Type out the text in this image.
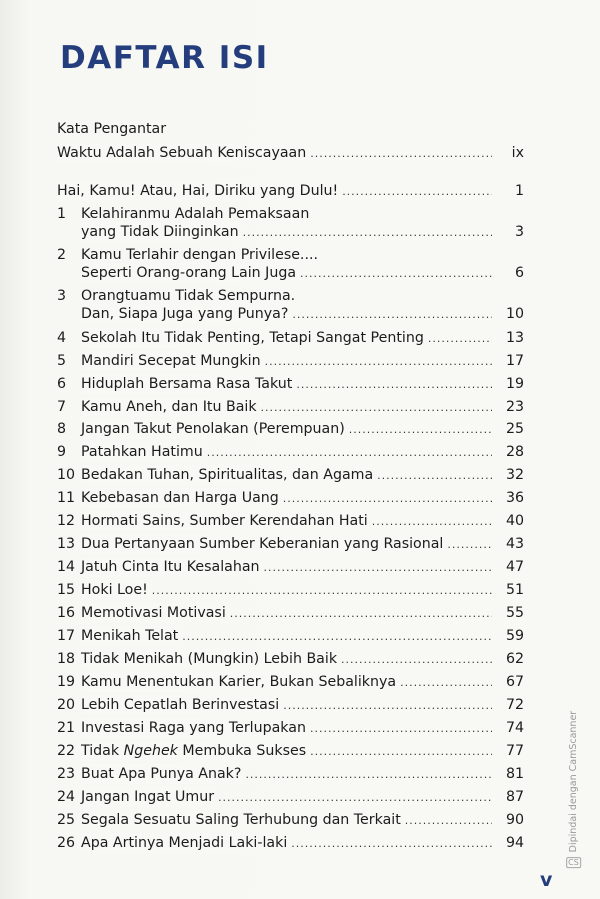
DAFTAR ISI
Kata Pengantar
Waktu Adalah Sebuah Keniscayaan .....	ix
Hai, Kamu! Atau, Hai, Diriku yang Dulu! .....	1
1	Kelahiranmu Adalah Pemaksaan
yang Tidak Diinginkan .....	3
2	Kamu Terlahir dengan Privilese....
Seperti Orang-orang Lain Juga .....	6
3	Orangtuamu Tidak Sempurna.
Dan, Siapa Juga yang Punya? .....	10
4	Sekolah Itu Tidak Penting, Tetapi Sangat Penting .....	13
5	Mandiri Secepat Mungkin .....	17
6	Hiduplah Bersama Rasa Takut .....	19
7	Kamu Aneh, dan Itu Baik .....	23
8	Jangan Takut Penolakan (Perempuan) .....	25
9	Patahkan Hatimu .....	28
10 Bedakan Tuhan, Spiritualitas, dan Agama .....	32
11 Kebebasan dan Harga Uang .....	36
12 Hormati Sains, Sumber Kerendahan Hati .....	40
13 Dua Pertanyaan Sumber Keberanian yang Rasional .....	43
14 Jatuh Cinta Itu Kesalahan .....	47
15 Hoki Loe! .....	51
16 Memotivasi Motivasi .....	55
17 Menikah Telat .....	59
18 Tidak Menikah (Mungkin) Lebih Baik .....	62
19 Kamu Menentukan Karier, Bukan Sebaliknya .....	67
20 Lebih Cepatlah Berinvestasi .....	72
21 Investasi Raga yang Terlupakan .....	74
22 Tidak Ngehek Membuka Sukses .....	77
23 Buat Apa Punya Anak? .....	81
24 Jangan Ingat Umur .....	87
25 Segala Sesuatu Saling Terhubung dan Terkait .....	90
26 Apa Artinya Menjadi Laki-laki .....	94
v
CSDipindai dengan CamScanner
